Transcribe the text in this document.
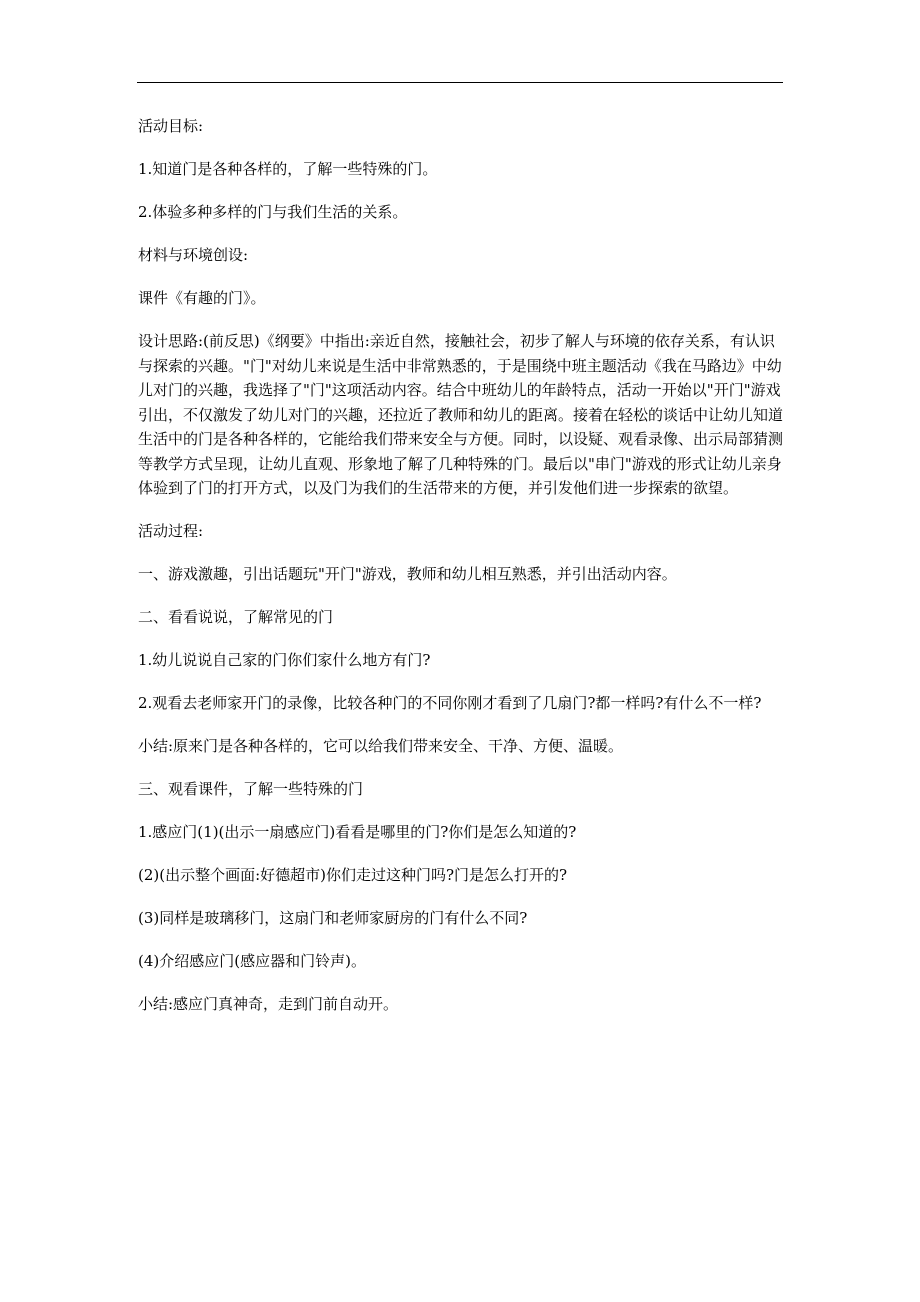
活动目标:

1.知道门是各种各样的，了解一些特殊的门。

2.体验多种多样的门与我们生活的关系。

材料与环境创设:

课件《有趣的门》。

设计思路:(前反思)《纲要》中指出:亲近自然，接触社会，初步了解人与环境的依存关系，有认识与探索的兴趣。"门"对幼儿来说是生活中非常熟悉的，于是围绕中班主题活动《我在马路边》中幼儿对门的兴趣，我选择了"门"这项活动内容。结合中班幼儿的年龄特点，活动一开始以"开门"游戏引出，不仅激发了幼儿对门的兴趣，还拉近了教师和幼儿的距离。接着在轻松的谈话中让幼儿知道生活中的门是各种各样的，它能给我们带来安全与方便。同时，以设疑、观看录像、出示局部猜测等教学方式呈现，让幼儿直观、形象地了解了几种特殊的门。最后以"串门"游戏的形式让幼儿亲身体验到了门的打开方式，以及门为我们的生活带来的方便，并引发他们进一步探索的欲望。

活动过程:

一、游戏激趣，引出话题玩"开门"游戏，教师和幼儿相互熟悉，并引出活动内容。

二、看看说说，了解常见的门

1.幼儿说说自己家的门你们家什么地方有门?

2.观看去老师家开门的录像，比较各种门的不同你刚才看到了几扇门?都一样吗?有什么不一样?

小结:原来门是各种各样的，它可以给我们带来安全、干净、方便、温暖。

三、观看课件，了解一些特殊的门

1.感应门(1)(出示一扇感应门)看看是哪里的门?你们是怎么知道的?

(2)(出示整个画面:好德超市)你们走过这种门吗?门是怎么打开的?

(3)同样是玻璃移门，这扇门和老师家厨房的门有什么不同?

(4)介绍感应门(感应器和门铃声)。

小结:感应门真神奇，走到门前自动开。
